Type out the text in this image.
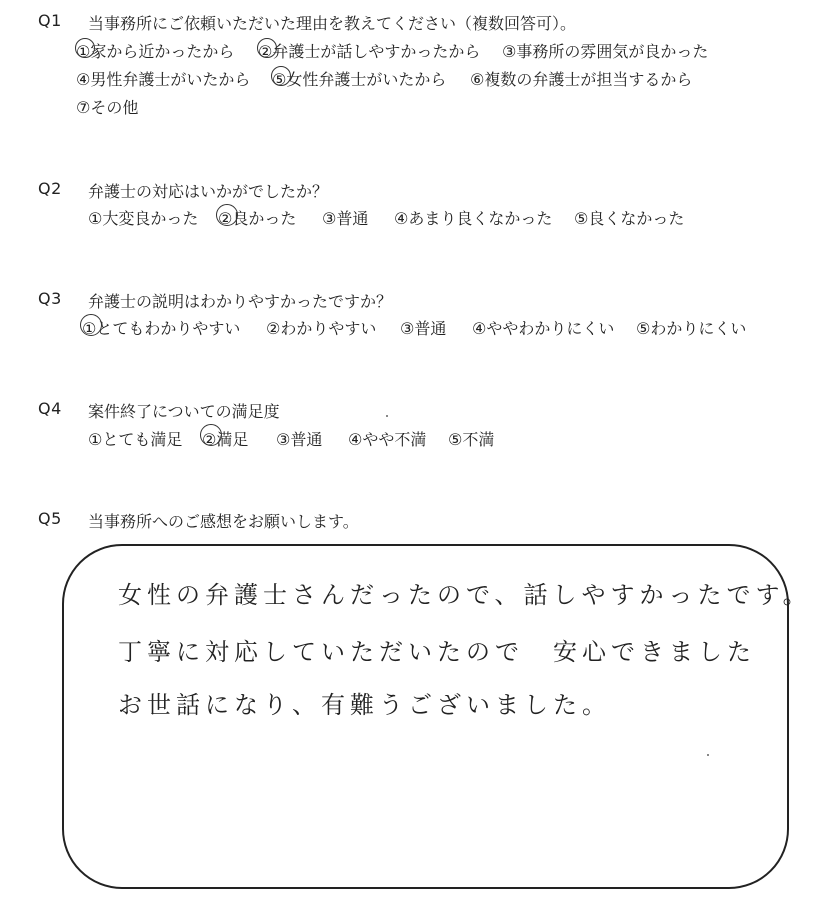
Q1 当事務所にご依頼いただいた理由を教えてください（複数回答可）。
①家から近かったから ②弁護士が話しやすかったから ③事務所の雰囲気が良かった
④男性弁護士がいたから ⑤女性弁護士がいたから ⑥複数の弁護士が担当するから
⑦その他
Q2 弁護士の対応はいかがでしたか？
①大変良かった ②良かった ③普通 ④あまり良くなかった ⑤良くなかった
Q3 弁護士の説明はわかりやすかったですか？
①とてもわかりやすい ②わかりやすい ③普通 ④ややわかりにくい ⑤わかりにくい
Q4 案件終了についての満足度
①とても満足 ②満足 ③普通 ④やや不満 ⑤不満
Q5 当事務所へのご感想をお願いします。
女性の弁護士さんだったので、話しやすかったです。
丁寧に対応していただいたので　安心できました
お世話になり、有難うございました。
